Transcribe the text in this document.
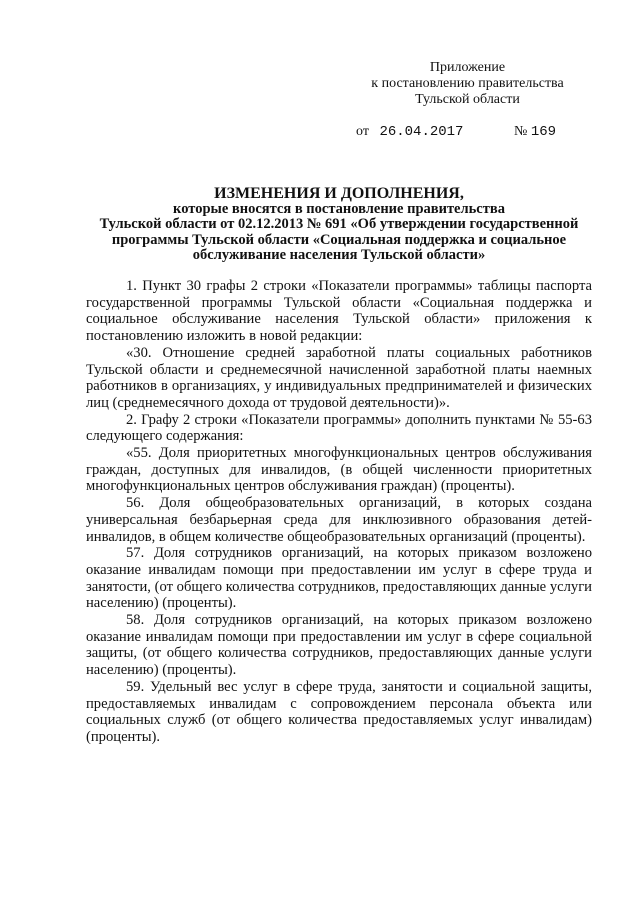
Приложение
к постановлению правительства
Тульской области
от 26.04.2017	№ 169
ИЗМЕНЕНИЯ И ДОПОЛНЕНИЯ,
которые вносятся в постановление правительства
Тульской области от 02.12.2013 № 691 «Об утверждении государственной
программы Тульской области «Социальная поддержка и социальное
обслуживание населения Тульской области»

1. Пункт 30 графы 2 строки «Показатели программы» таблицы паспорта государственной программы Тульской области «Социальная поддержка и социальное обслуживание населения Тульской области» приложения к постановлению изложить в новой редакции:

«30. Отношение средней заработной платы социальных работников Тульской области и среднемесячной начисленной заработной платы наемных работников в организациях, у индивидуальных предпринимателей и физических лиц (среднемесячного дохода от трудовой деятельности)».

2. Графу 2 строки «Показатели программы» дополнить пунктами № 55-63 следующего содержания:

«55. Доля приоритетных многофункциональных центров обслуживания граждан, доступных для инвалидов, (в общей численности приоритетных многофункциональных центров обслуживания граждан) (проценты).

56. Доля общеобразовательных организаций, в которых создана универсальная безбарьерная среда для инклюзивного образования детей-инвалидов, в общем количестве общеобразовательных организаций (проценты).

57. Доля сотрудников организаций, на которых приказом возложено оказание инвалидам помощи при предоставлении им услуг в сфере труда и занятости, (от общего количества сотрудников, предоставляющих данные услуги населению) (проценты).

58. Доля сотрудников организаций, на которых приказом возложено оказание инвалидам помощи при предоставлении им услуг в сфере социальной защиты, (от общего количества сотрудников, предоставляющих данные услуги населению) (проценты).

59. Удельный вес услуг в сфере труда, занятости и социальной защиты, предоставляемых инвалидам с сопровождением персонала объекта или социальных служб (от общего количества предоставляемых услуг инвалидам) (проценты).
